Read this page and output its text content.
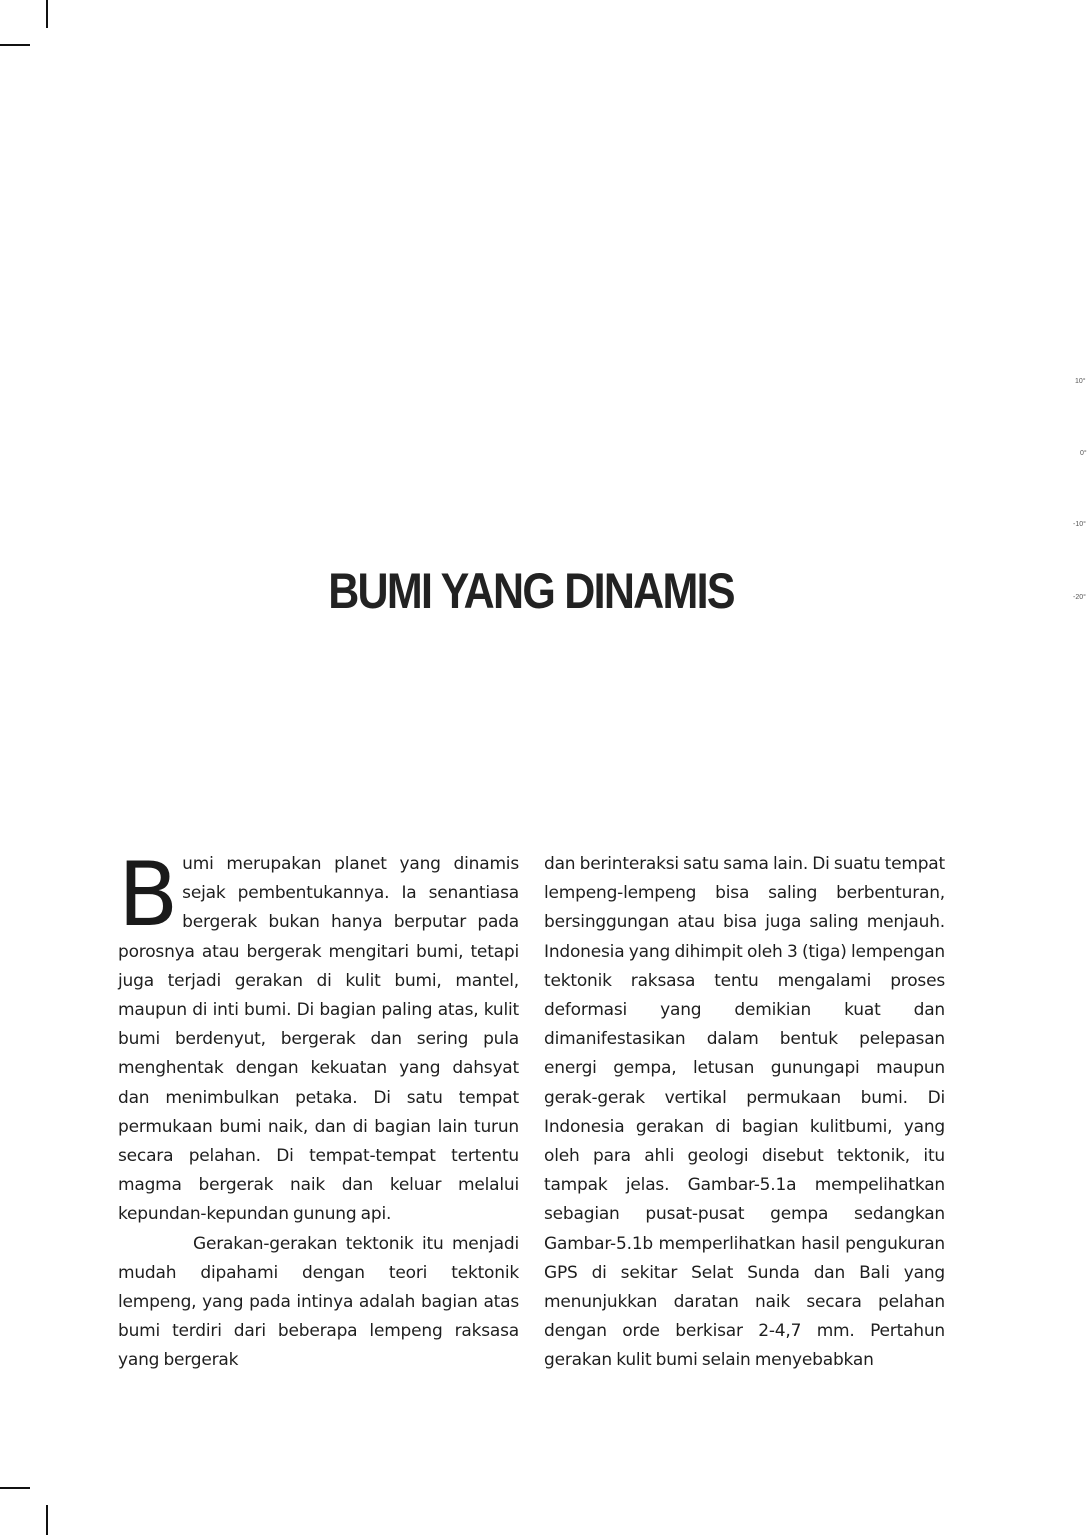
10°
0°
-10°
-20°
BUMI YANG DINAMIS

Bumi merupakan planet yang dinamis sejak pembentukannya. Ia senantiasa bergerak bukan hanya berputar pada porosnya atau bergerak mengitari bumi, tetapi juga terjadi gerakan di kulit bumi, mantel, maupun di inti bumi. Di bagian paling atas, kulit bumi berdenyut, bergerak dan sering pula menghentak dengan kekuatan yang dahsyat dan menimbulkan petaka. Di satu tempat permukaan bumi naik, dan di bagian lain turun secara pelahan. Di tempat-tempat tertentu magma bergerak naik dan keluar melalui kepundan-kepundan gunung api.

Gerakan-gerakan tektonik itu menjadi mudah dipahami dengan teori tektonik lempeng, yang pada intinya adalah bagian atas bumi terdiri dari beberapa lempeng raksasa yang bergerak

dan berinteraksi satu sama lain. Di suatu tempat lempeng-lempeng bisa saling berbenturan, bersinggungan atau bisa juga saling menjauh. Indonesia yang dihimpit oleh 3 (tiga) lempengan tektonik raksasa tentu mengalami proses deformasi yang demikian kuat dan dimanifestasikan dalam bentuk pelepasan energi gempa, letusan gunungapi maupun gerak-gerak vertikal permukaan bumi. Di Indonesia gerakan di bagian kulitbumi, yang oleh para ahli geologi disebut tektonik, itu tampak jelas. Gambar-5.1a mempelihatkan sebagian pusat-pusat gempa sedangkan Gambar-5.1b memperlihatkan hasil pengukuran GPS di sekitar Selat Sunda dan Bali yang menunjukkan daratan naik secara pelahan dengan orde berkisar 2-4,7 mm. Pertahun gerakan kulit bumi selain menyebabkan
